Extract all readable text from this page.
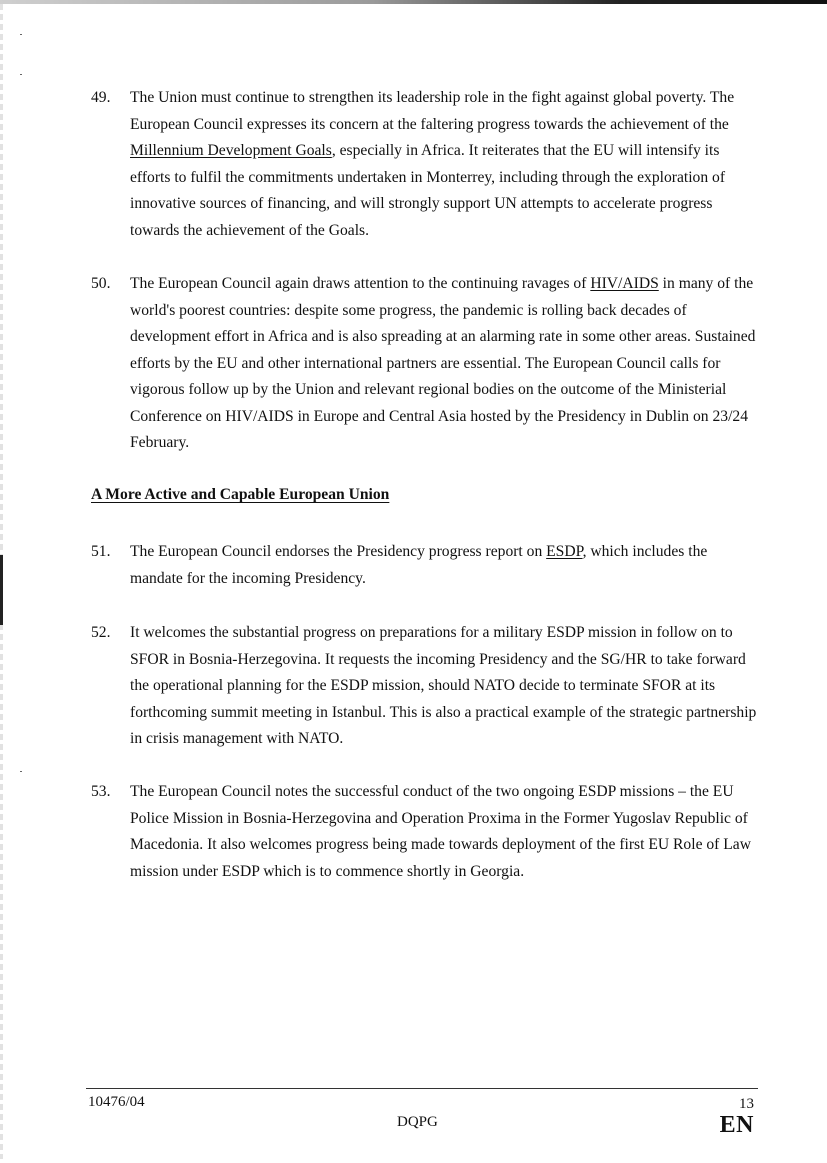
49. The Union must continue to strengthen its leadership role in the fight against global poverty. The European Council expresses its concern at the faltering progress towards the achievement of the Millennium Development Goals, especially in Africa. It reiterates that the EU will intensify its efforts to fulfil the commitments undertaken in Monterrey, including through the exploration of innovative sources of financing, and will strongly support UN attempts to accelerate progress towards the achievement of the Goals.
50. The European Council again draws attention to the continuing ravages of HIV/AIDS in many of the world's poorest countries: despite some progress, the pandemic is rolling back decades of development effort in Africa and is also spreading at an alarming rate in some other areas. Sustained efforts by the EU and other international partners are essential. The European Council calls for vigorous follow up by the Union and relevant regional bodies on the outcome of the Ministerial Conference on HIV/AIDS in Europe and Central Asia hosted by the Presidency in Dublin on 23/24 February.
A More Active and Capable European Union
51. The European Council endorses the Presidency progress report on ESDP, which includes the mandate for the incoming Presidency.
52. It welcomes the substantial progress on preparations for a military ESDP mission in follow on to SFOR in Bosnia-Herzegovina. It requests the incoming Presidency and the SG/HR to take forward the operational planning for the ESDP mission, should NATO decide to terminate SFOR at its forthcoming summit meeting in Istanbul. This is also a practical example of the strategic partnership in crisis management with NATO.
53. The European Council notes the successful conduct of the two ongoing ESDP missions – the EU Police Mission in Bosnia-Herzegovina and Operation Proxima in the Former Yugoslav Republic of Macedonia. It also welcomes progress being made towards deployment of the first EU Role of Law mission under ESDP which is to commence shortly in Georgia.
10476/04
DQPG
13
EN
